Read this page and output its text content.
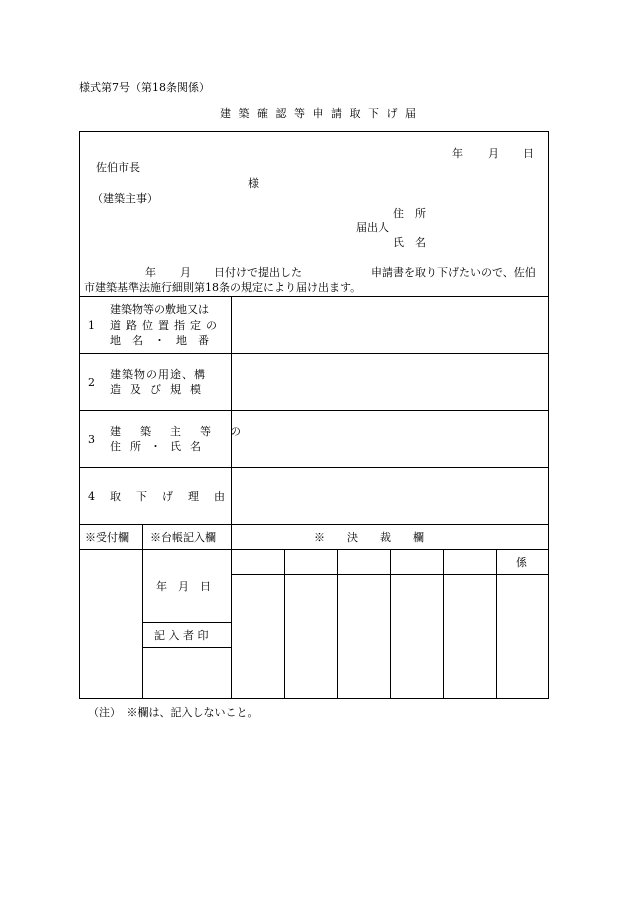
様式第7号（第18条関係）
建 築 確 認 等 申 請 取 下 げ 届
年 月 日
佐伯市長
様
（建築主事）
住　所
届出人
氏　名
年 月 日付けで提出した	申請書を取り下げたいので、佐伯
市建築基準法施行細則第18条の規定により届け出ます。
1
建築物等の敷地又は
道路位置指定の
地　名　・　地　番
2
建築物の用途、構
造及び規模
3
建築主等の
住所・氏名
4 取下げ理由
※受付欄 ※台帳記入欄	※　　決　　裁　　欄
係
年　月　日
記 入 者 印
（注）　※欄は、記入しないこと。
